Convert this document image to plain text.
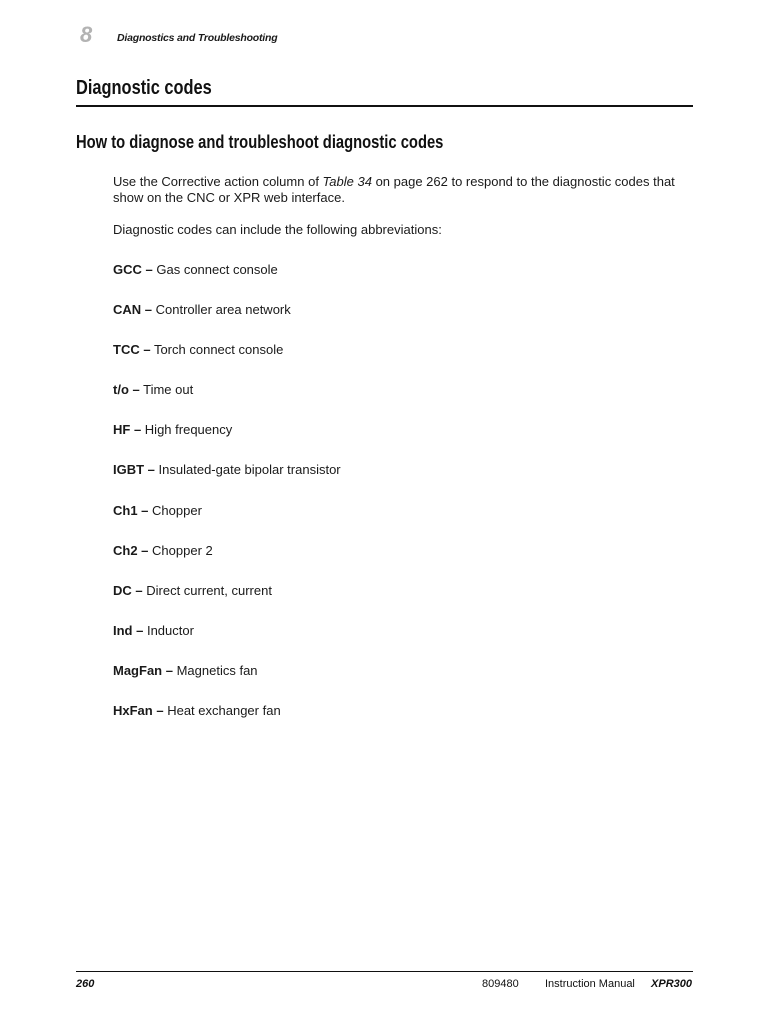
8 Diagnostics and Troubleshooting
Diagnostic codes
How to diagnose and troubleshoot diagnostic codes
Use the Corrective action column of Table 34 on page 262 to respond to the diagnostic codes that show on the CNC or XPR web interface.
Diagnostic codes can include the following abbreviations:
GCC – Gas connect console
CAN – Controller area network
TCC – Torch connect console
t/o – Time out
HF – High frequency
IGBT – Insulated-gate bipolar transistor
Ch1 – Chopper
Ch2 – Chopper 2
DC – Direct current, current
Ind – Inductor
MagFan – Magnetics fan
HxFan – Heat exchanger fan
260	809480 Instruction Manual XPR300
